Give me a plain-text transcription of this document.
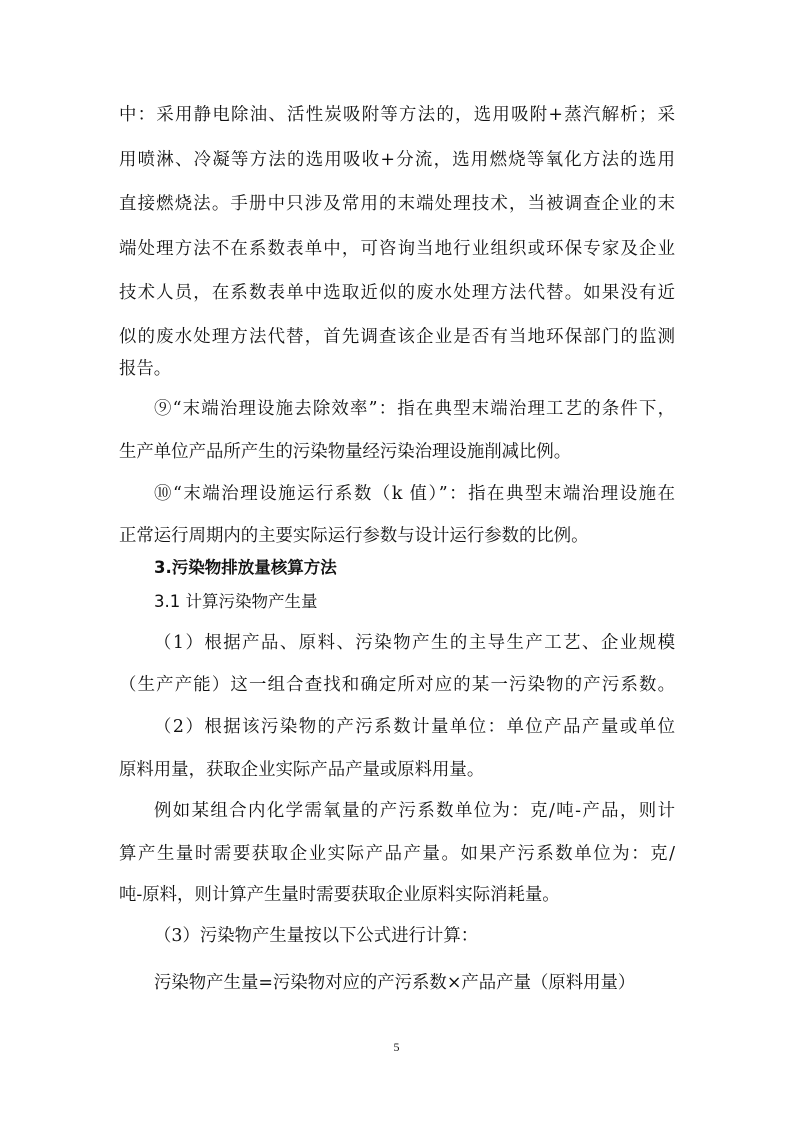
中：采用静电除油、活性炭吸附等方法的，选用吸附+蒸汽解析；采
用喷淋、冷凝等方法的选用吸收+分流，选用燃烧等氧化方法的选用
直接燃烧法。手册中只涉及常用的末端处理技术，当被调查企业的末
端处理方法不在系数表单中，可咨询当地行业组织或环保专家及企业
技术人员，在系数表单中选取近似的废水处理方法代替。如果没有近
似的废水处理方法代替，首先调查该企业是否有当地环保部门的监测
报告。
⑨“末端治理设施去除效率”：指在典型末端治理工艺的条件下，
生产单位产品所产生的污染物量经污染治理设施削减比例。
⑩“末端治理设施运行系数（k 值）”：指在典型末端治理设施在
正常运行周期内的主要实际运行参数与设计运行参数的比例。
3.污染物排放量核算方法
3.1 计算污染物产生量
（1）根据产品、原料、污染物产生的主导生产工艺、企业规模
（生产产能）这一组合查找和确定所对应的某一污染物的产污系数。
（2）根据该污染物的产污系数计量单位：单位产品产量或单位
原料用量，获取企业实际产品产量或原料用量。
例如某组合内化学需氧量的产污系数单位为：克/吨-产品，则计
算产生量时需要获取企业实际产品产量。如果产污系数单位为：克/
吨-原料，则计算产生量时需要获取企业原料实际消耗量。
（3）污染物产生量按以下公式进行计算：
污染物产生量=污染物对应的产污系数×产品产量（原料用量）
5
